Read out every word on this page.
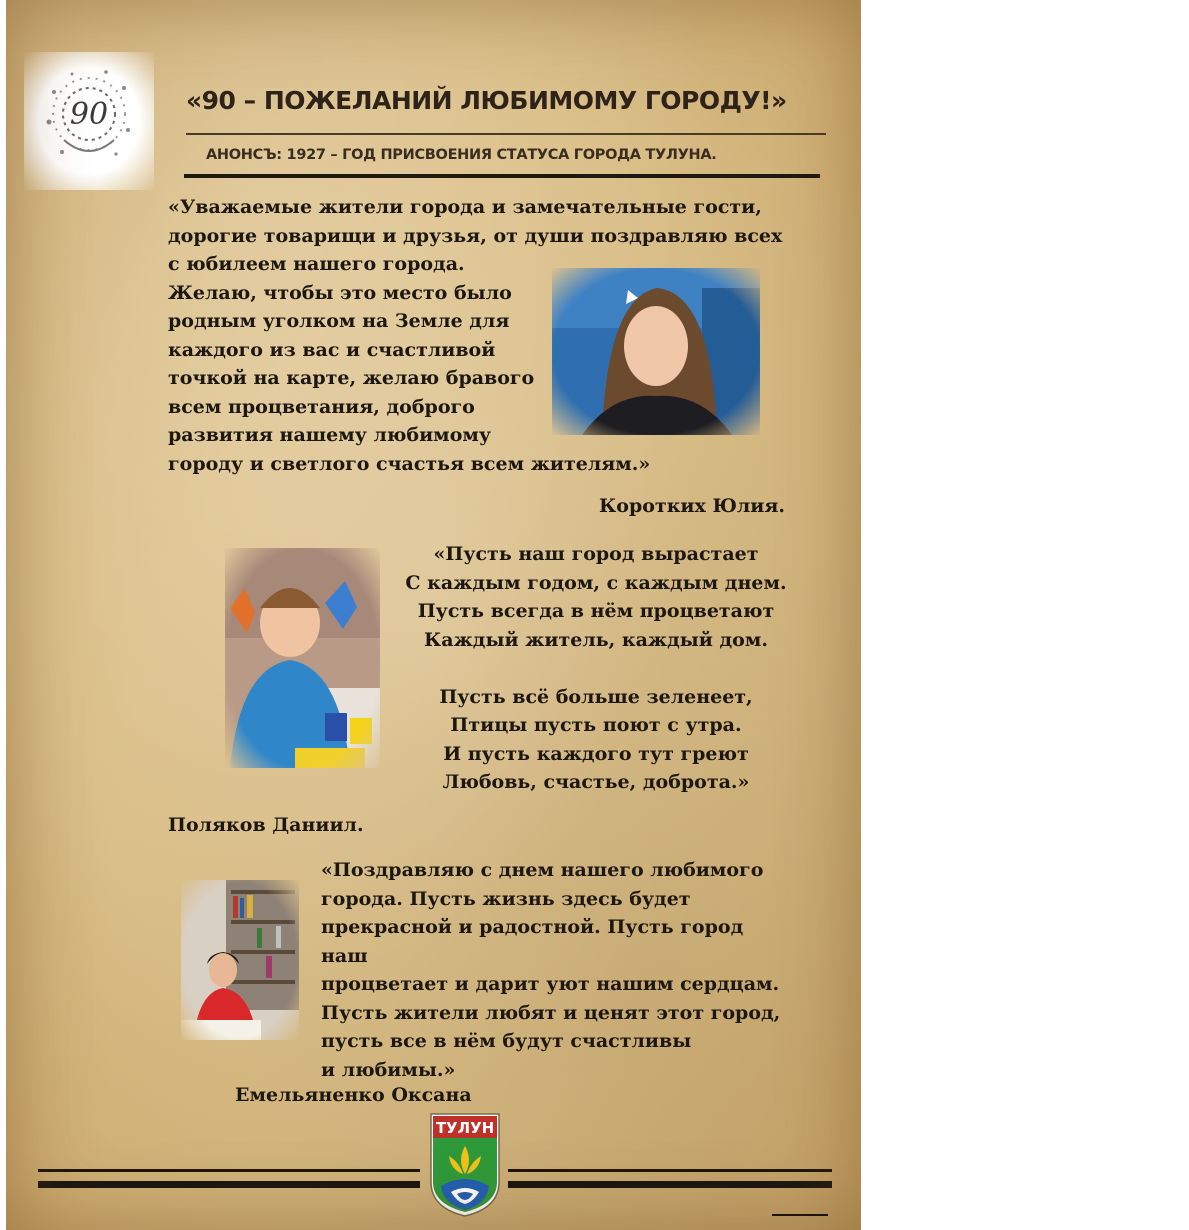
90	«90 – ПОЖЕЛАНИЙ ЛЮБИМОМУ ГОРОДУ!»
АНОНСЪ: 1927 – ГОД ПРИСВОЕНИЯ СТАТУСА ГОРОДА ТУЛУНА.

«Уважаемые жители города и замечательные гости,
дорогие товарищи и друзья, от души поздравляю всех
с юбилеем нашего города.
Желаю, чтобы это место было
родным уголком на Земле для
каждого из вас и счастливой
точкой на карте, желаю бравого
всем процветания, доброго
развития нашему любимому
городу и светлого счастья всем жителям.»

Коротких Юлия.

«Пусть наш город вырастает
С каждым годом, с каждым днем.
Пусть всегда в нём процветают
Каждый житель, каждый дом.

Пусть всё больше зеленеет,
Птицы пусть поют с утра.
И пусть каждого тут греют
Любовь, счастье, доброта.»

Поляков Даниил.

«Поздравляю с днем нашего любимого
города. Пусть жизнь здесь будет
прекрасной и радостной. Пусть город наш
процветает и дарит уют нашим сердцам.
Пусть жители любят и ценят этот город,
пусть все в нём будут счастливы
и любимы.»

Емельяненко Оксана
ТУЛУН
